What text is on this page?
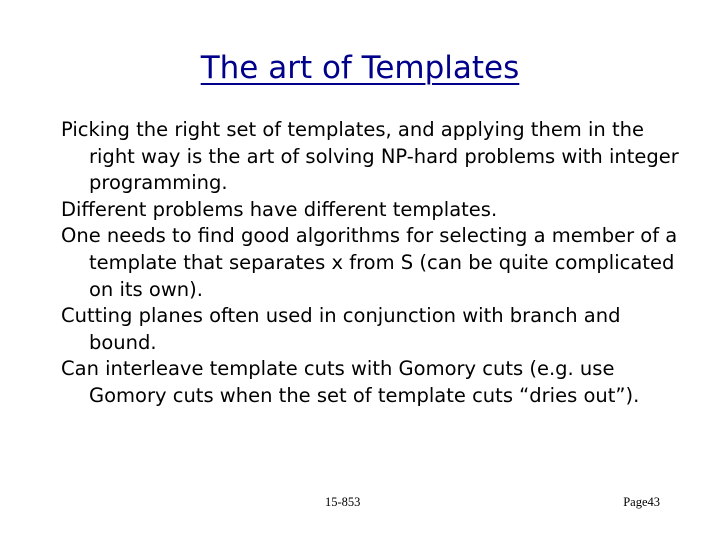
The art of Templates
Picking the right set of templates, and applying them in the right way is the art of solving NP-hard problems with integer programming.
Different problems have different templates.
One needs to find good algorithms for selecting a member of a template that separates x from S (can be quite complicated on its own).
Cutting planes often used in conjunction with branch and bound.
Can interleave template cuts with Gomory cuts (e.g. use Gomory cuts when the set of template cuts “dries out”).
15-853	Page43
